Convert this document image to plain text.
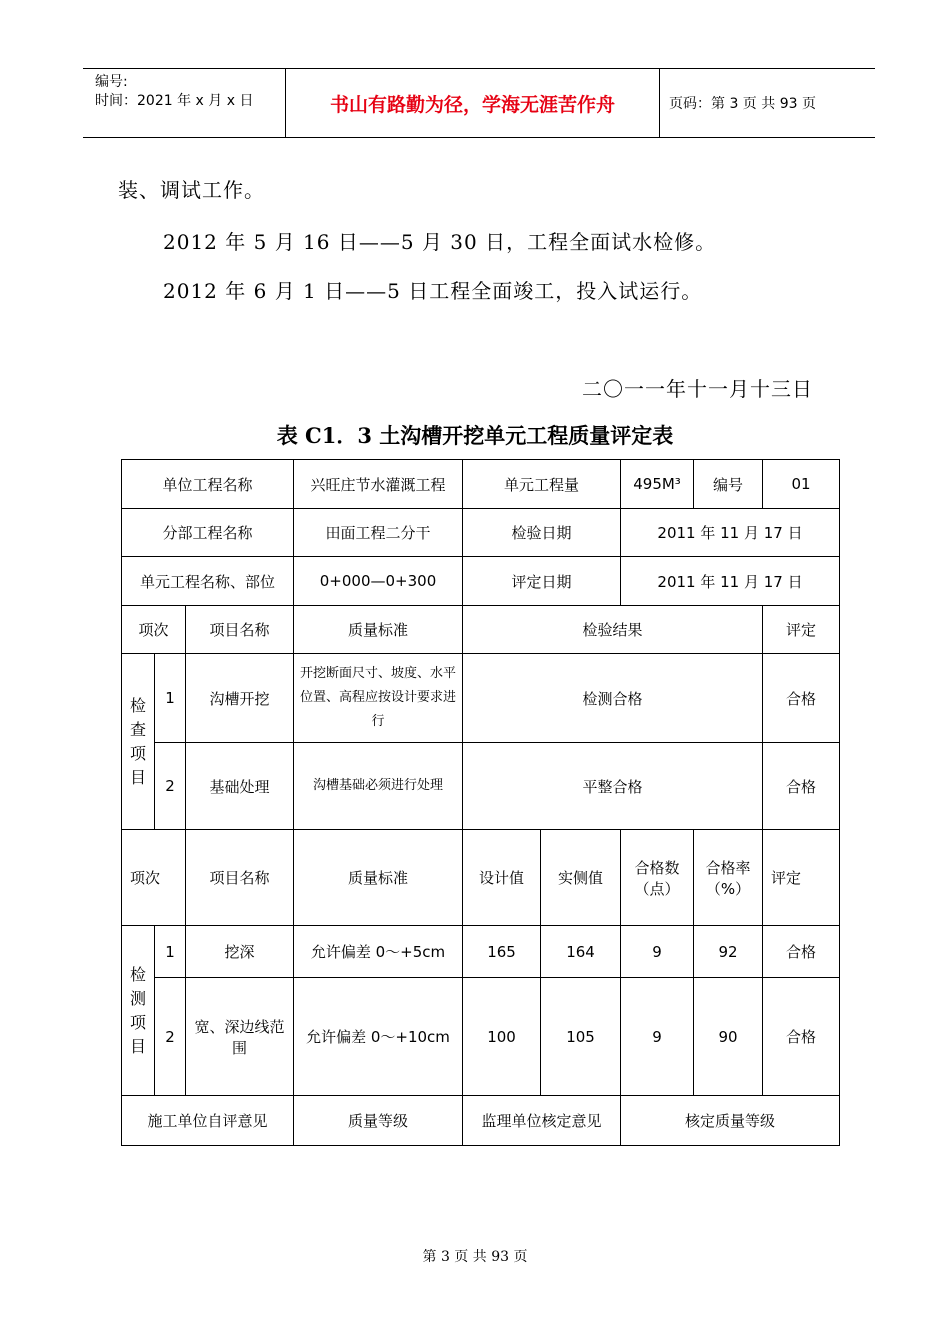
编号:
时间：2021 年 x 月 x 日	书山有路勤为径，学海无涯苦作舟	页码：第 3 页 共 93 页
装、调试工作。
2012 年 5 月 16 日——5 月 30 日，工程全面试水检修。
2012 年 6 月 1 日——5 日工程全面竣工，投入试运行。
二〇一一年十一月十三日
表 C1．3 土沟槽开挖单元工程质量评定表
单位工程名称			兴旺庄节水灌溉工程	单元工程量		495M³	编号	01
分部工程名称			田面工程二分干	检验日期		2011 年 11 月 17 日		
单元工程名称、部位			0+000—0+300	评定日期		2011 年 11 月 17 日		
项次		项目名称	质量标准	检验结果				评定

检
查
项
目	1	沟槽开挖	开挖断面尺寸、坡度、水平位置、高程应按设计要求进行	检测合格				合格
	2	基础处理	沟槽基础必须进行处理	平整合格				合格
项次		项目名称	质量标准	设计值	实侧值	合格数（点）	合格率（%）	评定

检
测
项
目	1	挖深	允许偏差 0～+5cm	165	164	9	92	合格
	2	宽、深边线范围	允许偏差 0～+10cm	100	105	9	90	合格
施工单位自评意见			质量等级	监理单位核定意见		核定质量等级		
第 3 页 共 93 页
